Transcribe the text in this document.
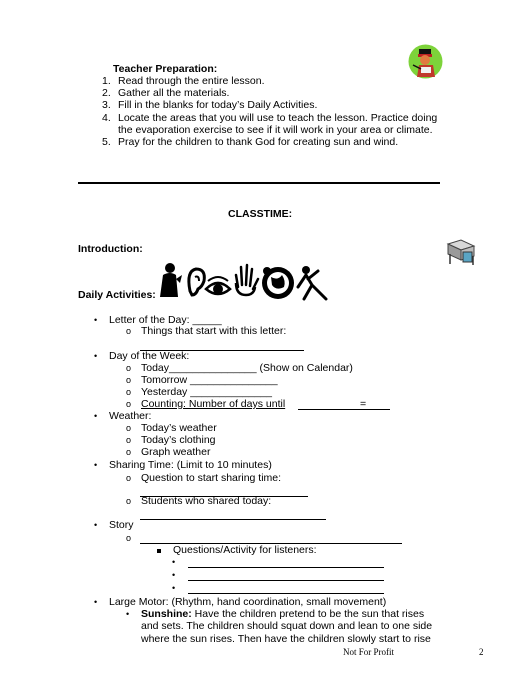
Teacher Preparation:
1.
2.
3.
4.

5.
Read through the entire lesson.
Gather all the materials.
Fill in the blanks for today’s Daily Activities.
Locate the areas that you will use to teach the lesson. Practice doing
the evaporation exercise to see if it will work in your area or climate.
Pray for the children to thank God for creating sun and wind.
CLASSTIME:
Introduction:
Daily Activities:
• Letter of the Day: _____
o Things that start with this letter:
• Day of the Week:
o Today_______________ (Show on Calendar)
o Tomorrow _______________
o Yesterday ______________
o Counting: Number of days until	=
• Weather:
o Today’s weather
o Today’s clothing
o Graph weather
• Sharing Time: (Limit to 10 minutes)
o Question to start sharing time:
o Students who shared today:
• Story
o
Questions/Activity for listeners:
•
•
•
• Large Motor: (Rhythm, hand coordination, small movement)
• Sunshine: Have the children pretend to be the sun that rises
and sets. The children should squat down and lean to one side
where the sun rises. Then have the children slowly start to rise
Not For Profit	2
